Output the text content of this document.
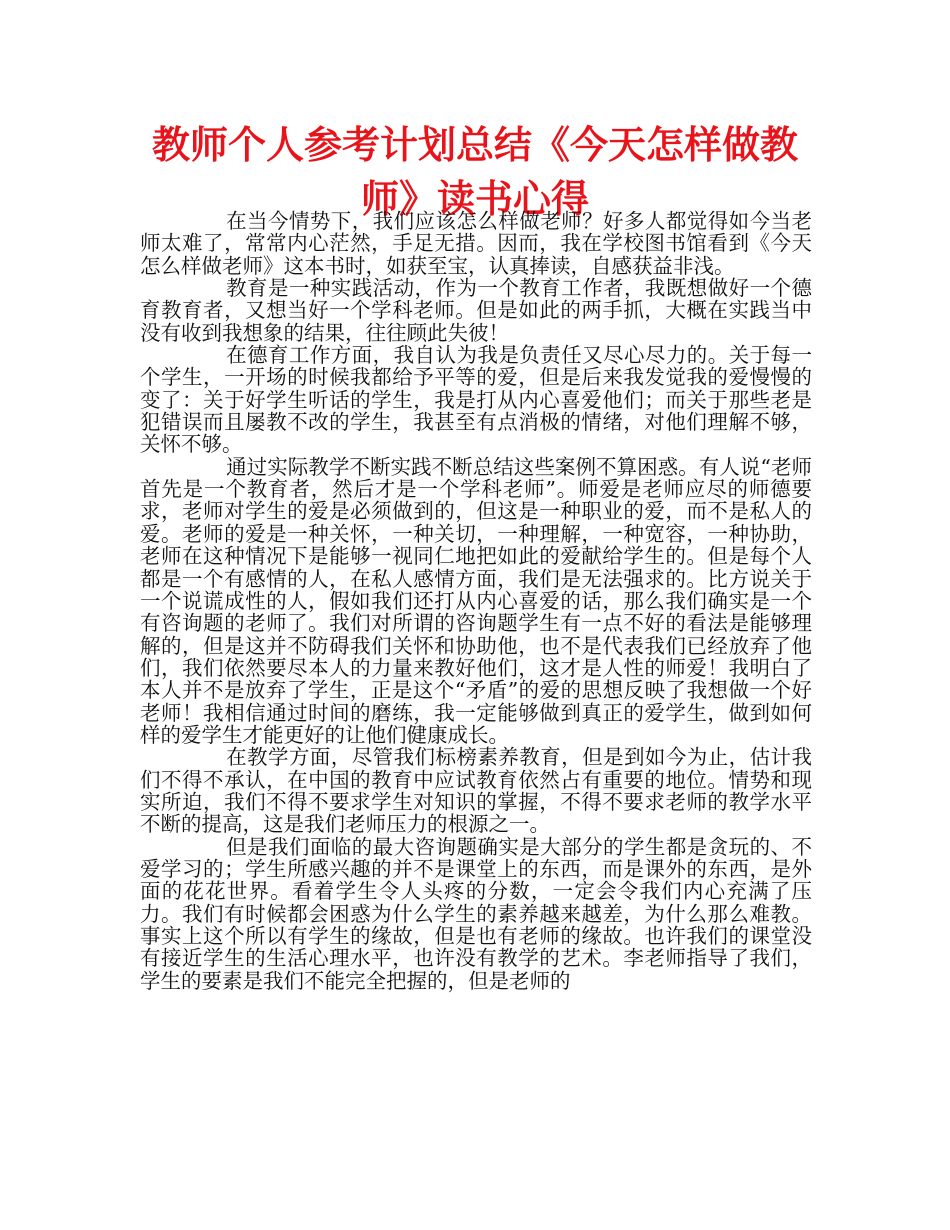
教师个人参考计划总结《今天怎样做教师》读书心得

在当今情势下，我们应该怎么样做老师？好多人都觉得如今当老师太难了，常常内心茫然，手足无措。因而，我在学校图书馆看到《今天怎么样做老师》这本书时，如获至宝，认真捧读，自感获益非浅。

教育是一种实践活动，作为一个教育工作者，我既想做好一个德育教育者，又想当好一个学科老师。但是如此的两手抓，大概在实践当中没有收到我想象的结果，往往顾此失彼！

在德育工作方面，我自认为我是负责任又尽心尽力的。关于每一个学生，一开场的时候我都给予平等的爱，但是后来我发觉我的爱慢慢的变了：关于好学生听话的学生，我是打从内心喜爱他们；而关于那些老是犯错误而且屡教不改的学生，我甚至有点消极的情绪，对他们理解不够，关怀不够。

通过实际教学不断实践不断总结这些案例不算困惑。有人说“老师首先是一个教育者，然后才是一个学科老师”。师爱是老师应尽的师德要求，老师对学生的爱是必须做到的，但这是一种职业的爱，而不是私人的爱。老师的爱是一种关怀，一种关切，一种理解，一种宽容，一种协助，老师在这种情况下是能够一视同仁地把如此的爱献给学生的。但是每个人都是一个有感情的人，在私人感情方面，我们是无法强求的。比方说关于一个说谎成性的人，假如我们还打从内心喜爱的话，那么我们确实是一个有咨询题的老师了。我们对所谓的咨询题学生有一点不好的看法是能够理解的，但是这并不防碍我们关怀和协助他，也不是代表我们已经放弃了他们，我们依然要尽本人的力量来教好他们，这才是人性的师爱！我明白了本人并不是放弃了学生，正是这个“矛盾”的爱的思想反映了我想做一个好老师！我相信通过时间的磨练，我一定能够做到真正的爱学生，做到如何样的爱学生才能更好的让他们健康成长。

在教学方面，尽管我们标榜素养教育，但是到如今为止，估计我们不得不承认，在中国的教育中应试教育依然占有重要的地位。情势和现实所迫，我们不得不要求学生对知识的掌握，不得不要求老师的教学水平不断的提高，这是我们老师压力的根源之一。

但是我们面临的最大咨询题确实是大部分的学生都是贪玩的、不爱学习的；学生所感兴趣的并不是课堂上的东西，而是课外的东西，是外面的花花世界。看着学生令人头疼的分数，一定会令我们内心充满了压力。我们有时候都会困惑为什么学生的素养越来越差，为什么那么难教。事实上这个所以有学生的缘故，但是也有老师的缘故。也许我们的课堂没有接近学生的生活心理水平，也许没有教学的艺术。李老师指导了我们，学生的要素是我们不能完全把握的，但是老师的
